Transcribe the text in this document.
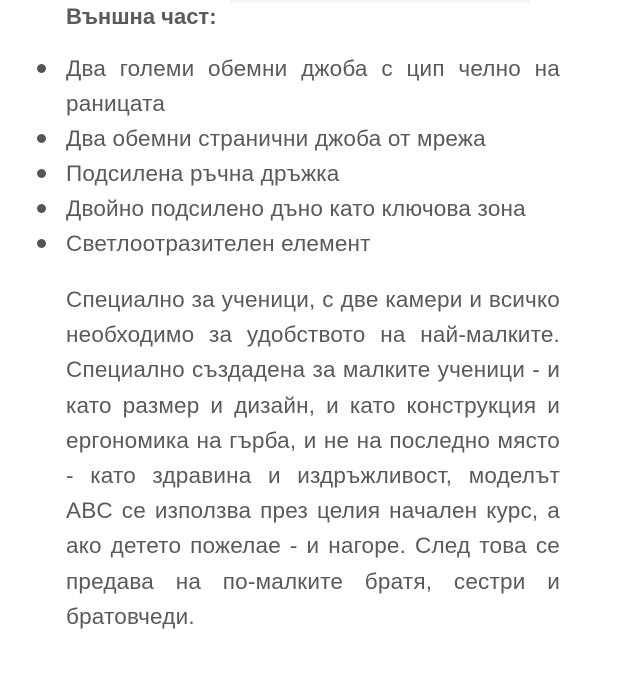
Външна част:
Два големи обемни джоба с цип челно на раницата
Два обемни странични джоба от мрежа
Подсилена ръчна дръжка
Двойно подсилено дъно като ключова зона
Светлоотразителен елемент

Специално за ученици, с две камери и всичко необходимо за удобството на най-малките. Специално създадена за малките ученици - и като размер и дизайн, и като конструкция и ергономика на гърба, и не на последно място - като здравина и издръжливост, моделът ABC се използва през целия начален курс, а ако детето пожелае - и нагоре. След това се предава на по-малките братя, сестри и братовчеди.
